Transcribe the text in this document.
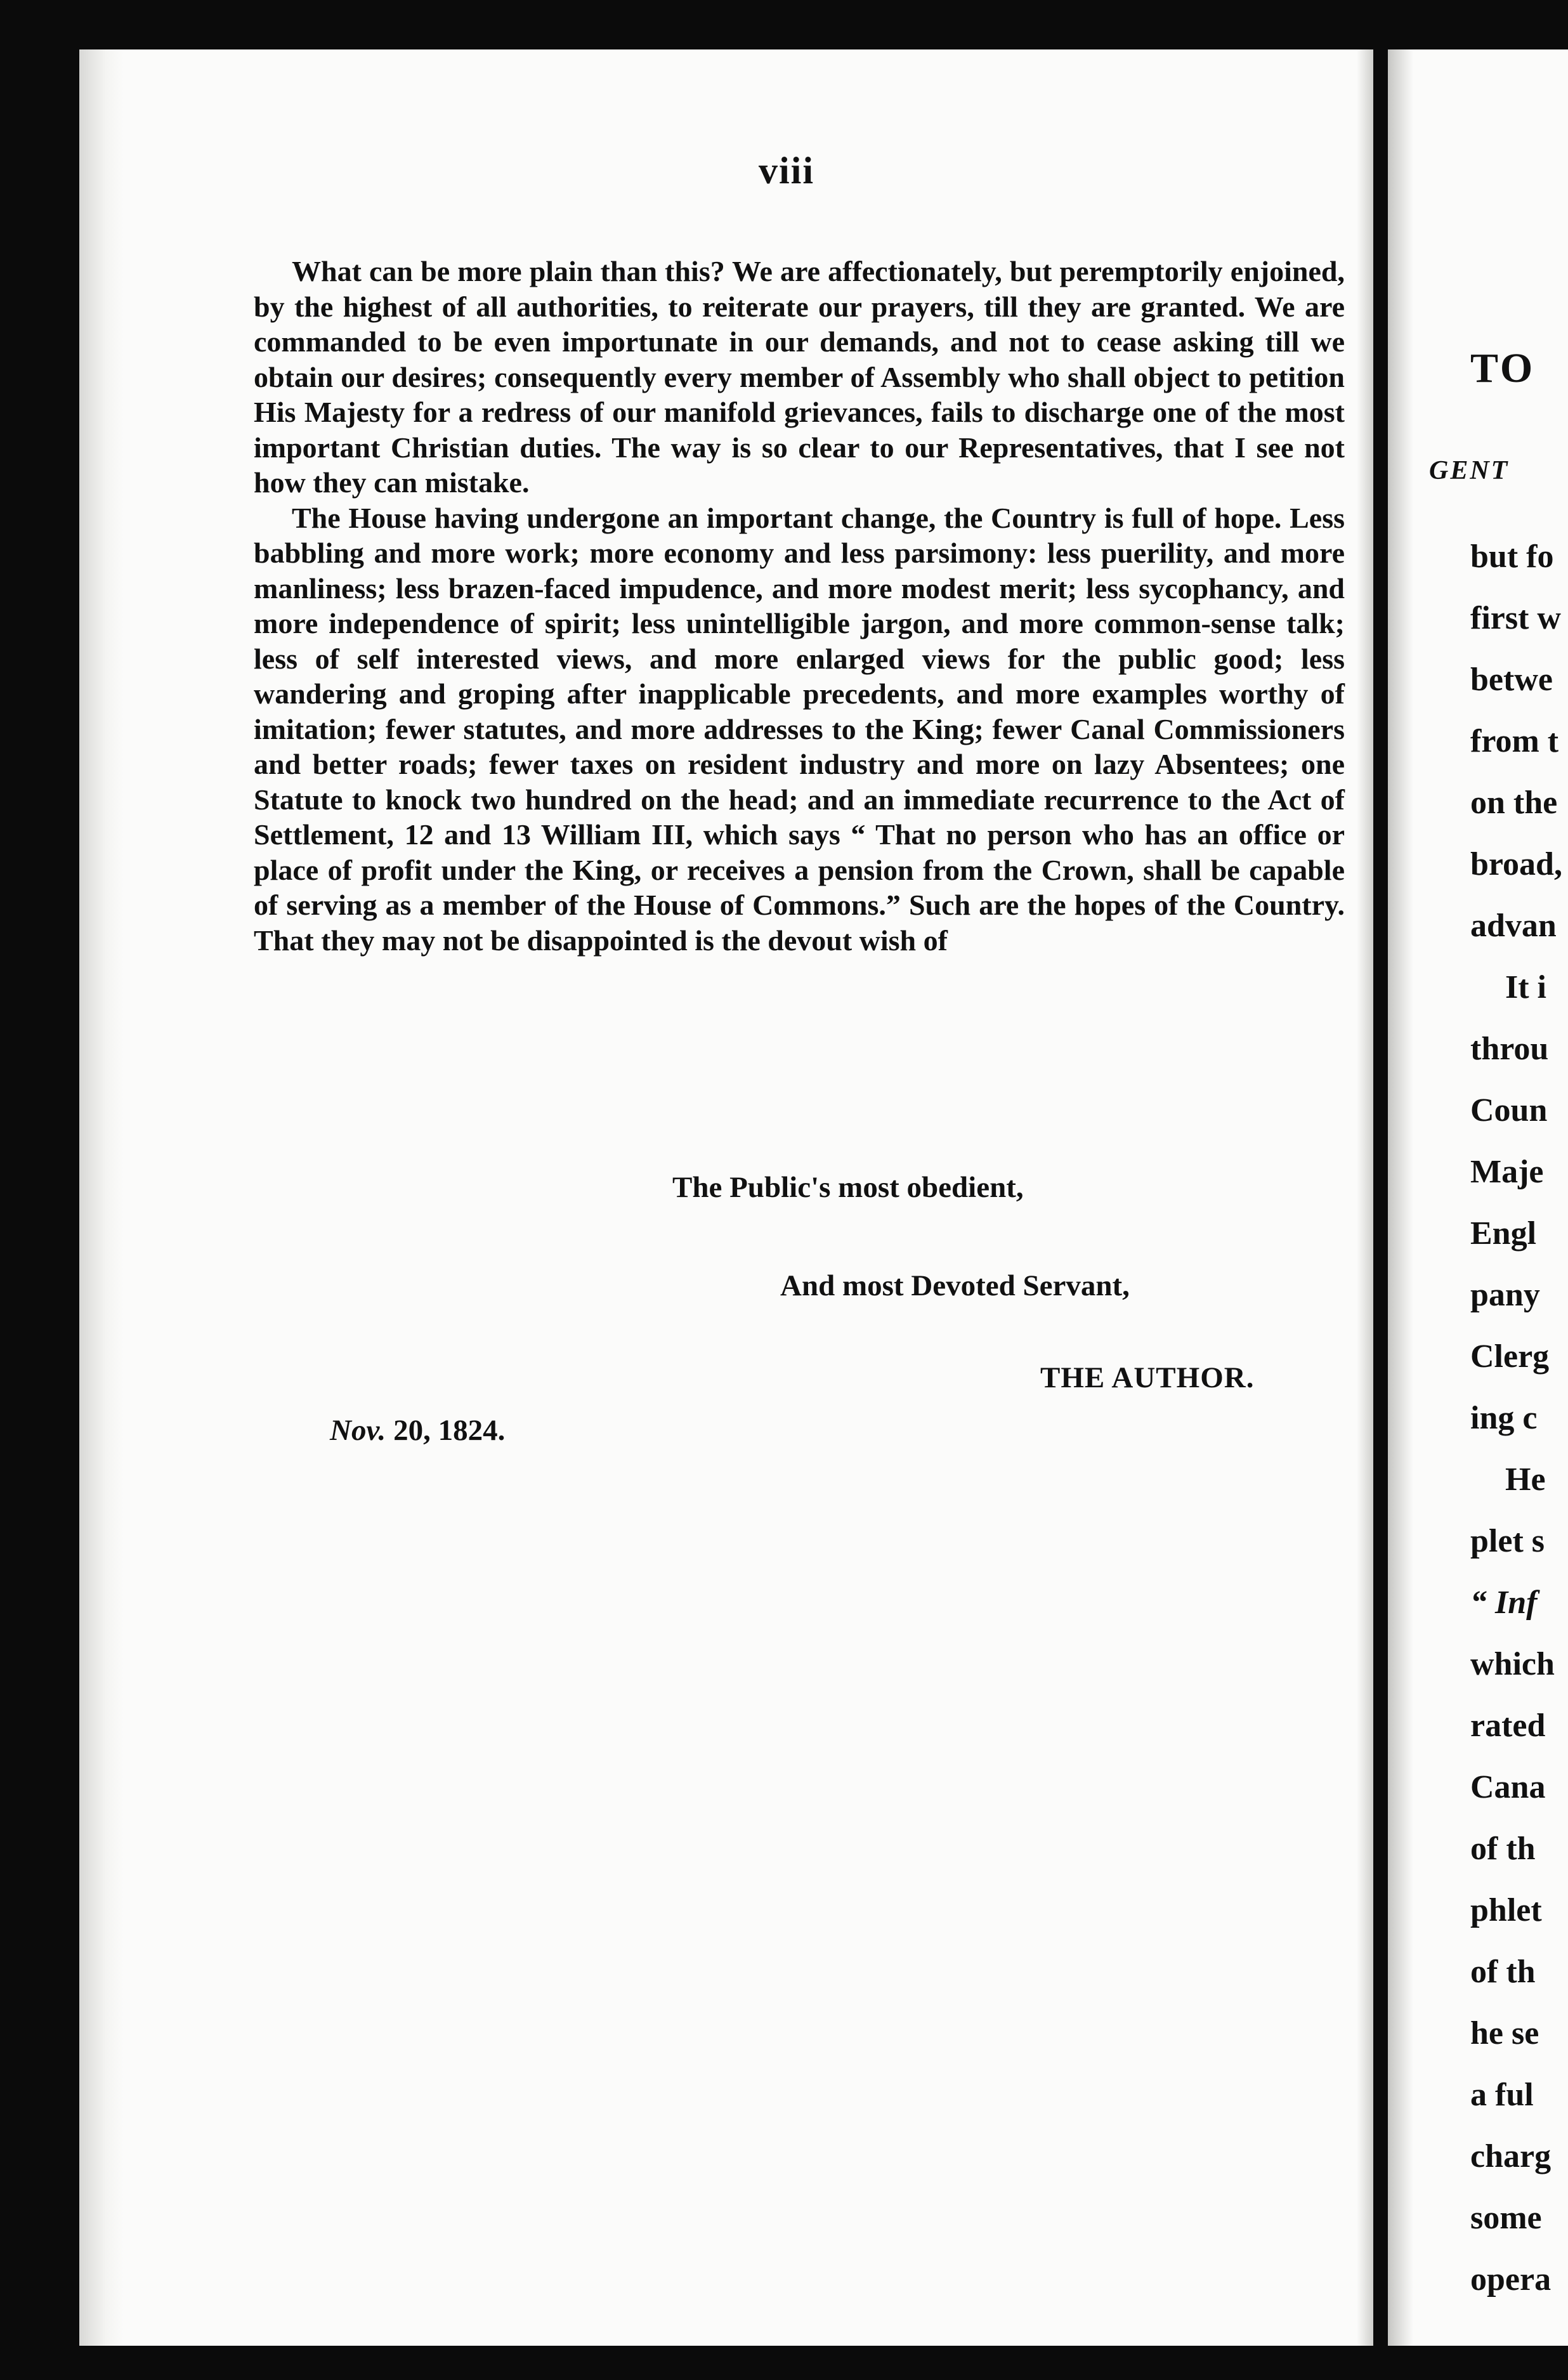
viii

What can be more plain than this? We are affectionately, but peremptorily enjoined, by the highest of all authorities, to reiterate our prayers, till they are granted. We are commanded to be even importunate in our demands, and not to cease asking till we obtain our desires; consequently every member of Assembly who shall object to petition His Majesty for a redress of our manifold grievances, fails to discharge one of the most important Christian duties. The way is so clear to our Representatives, that I see not how they can mistake.

The House having undergone an important change, the Country is full of hope. Less babbling and more work; more economy and less parsimony: less puerility, and more manliness; less brazen-faced impudence, and more modest merit; less sycophancy, and more independence of spirit; less unintelligible jargon, and more common-sense talk; less of self interested views, and more enlarged views for the public good; less wandering and groping after inapplicable precedents, and more examples worthy of imitation; fewer statutes, and more addresses to the King; fewer Canal Commissioners and better roads; fewer taxes on resident industry and more on lazy Absentees; one Statute to knock two hundred on the head; and an immediate recurrence to the Act of Settlement, 12 and 13 William III, which says “ That no person who has an office or place of profit under the King, or receives a pension from the Crown, shall be capable of serving as a member of the House of Commons.” Such are the hopes of the Country. That they may not be disappointed is the devout wish of

The Public's most obedient,
And most Devoted Servant,
THE AUTHOR.
Nov. 20, 1824.
TO
GENT
but fo
first w
betwe
from t
on the
broad,
advan
It i
throu
Coun
Maje
Engl
pany
Clerg
ing c
He
plet s
“ Inf
which
rated
Cana
of th
phlet
of th
he se
a ful
charg
some
opera
